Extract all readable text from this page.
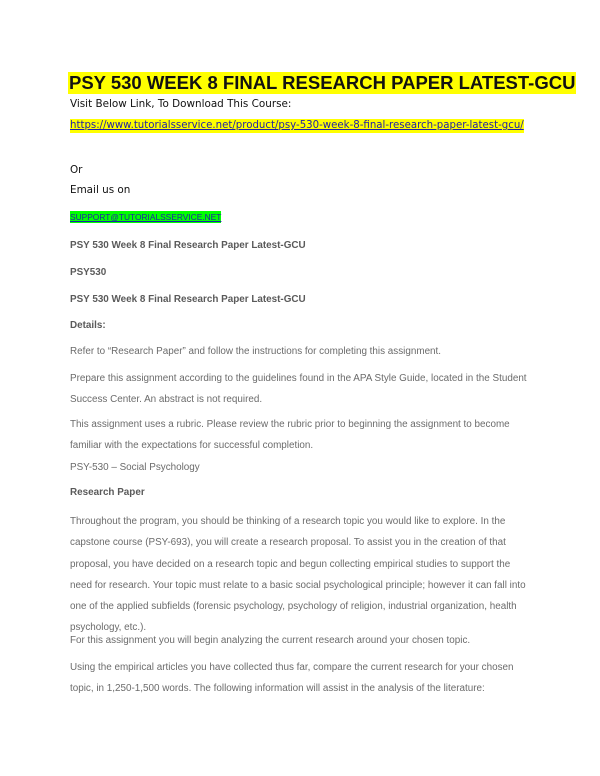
PSY 530 WEEK 8 FINAL RESEARCH PAPER LATEST-GCU
Visit Below Link, To Download This Course:
https://www.tutorialsservice.net/product/psy-530-week-8-final-research-paper-latest-gcu/
Or
Email us on
SUPPORT@TUTORIALSSERVICE.NET
PSY 530 Week 8 Final Research Paper Latest-GCU
PSY530
PSY 530 Week 8 Final Research Paper Latest-GCU
Details:
Refer to “Research Paper” and follow the instructions for completing this assignment.
Prepare this assignment according to the guidelines found in the APA Style Guide, located in the Student
Success Center. An abstract is not required.
This assignment uses a rubric. Please review the rubric prior to beginning the assignment to become
familiar with the expectations for successful completion.
PSY-530 – Social Psychology
Research Paper
Throughout the program, you should be thinking of a research topic you would like to explore. In the
capstone course (PSY-693), you will create a research proposal. To assist you in the creation of that
proposal, you have decided on a research topic and begun collecting empirical studies to support the
need for research. Your topic must relate to a basic social psychological principle; however it can fall into
one of the applied subfields (forensic psychology, psychology of religion, industrial organization, health
psychology, etc.).
For this assignment you will begin analyzing the current research around your chosen topic.
Using the empirical articles you have collected thus far, compare the current research for your chosen
topic, in 1,250-1,500 words. The following information will assist in the analysis of the literature:
